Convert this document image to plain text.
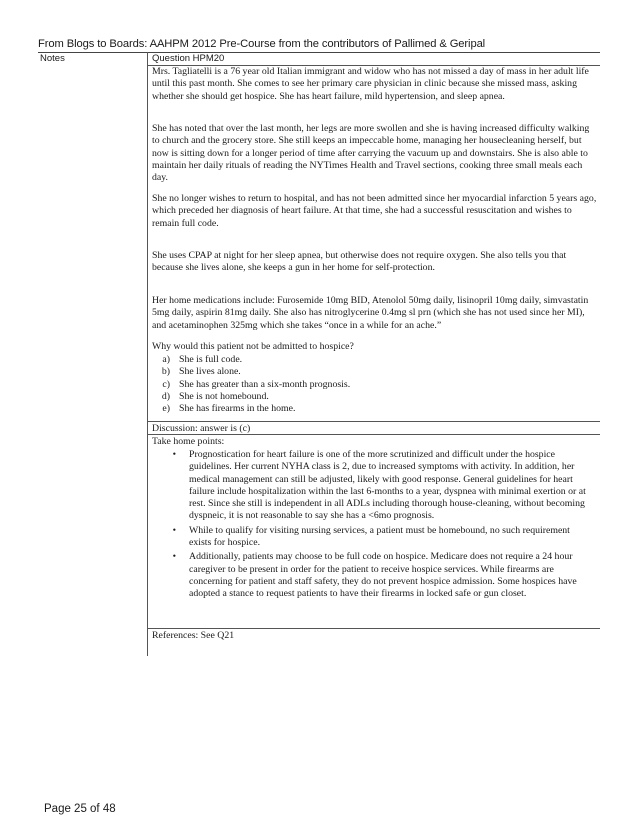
From Blogs to Boards: AAHPM 2012 Pre-Course from the contributors of Pallimed & Geripal
Notes	Question HPM20

Mrs. Tagliatelli is a 76 year old Italian immigrant and widow who has not missed a day of mass in her adult life until this past month. She comes to see her primary care physician in clinic because she missed mass, asking whether she should get hospice. She has heart failure, mild hypertension, and sleep apnea.

She has noted that over the last month, her legs are more swollen and she is having increased difficulty walking to church and the grocery store. She still keeps an impeccable home, managing her housecleaning herself, but now is sitting down for a longer period of time after carrying the vacuum up and downstairs. She is also able to maintain her daily rituals of reading the NYTimes Health and Travel sections, cooking three small meals each day.

She no longer wishes to return to hospital, and has not been admitted since her myocardial infarction 5 years ago, which preceded her diagnosis of heart failure. At that time, she had a successful resuscitation and wishes to remain full code.

She uses CPAP at night for her sleep apnea, but otherwise does not require oxygen. She also tells you that because she lives alone, she keeps a gun in her home for self-protection.

Her home medications include: Furosemide 10mg BID, Atenolol 50mg daily, lisinopril 10mg daily, simvastatin 5mg daily, aspirin 81mg daily. She also has nitroglycerine 0.4mg sl prn (which she has not used since her MI), and acetaminophen 325mg which she takes “once in a while for an ache.”

Why would this patient not be admitted to hospice?

a) She is full code.
b) She lives alone.
c) She has greater than a six-month prognosis.
d) She is not homebound.
e) She has firearms in the home.
Discussion: answer is (c)
Take home points:
•	Prognostication for heart failure is one of the more scrutinized and difficult under the hospice guidelines. Her current NYHA class is 2, due to increased symptoms with activity. In addition, her medical management can still be adjusted, likely with good response. General guidelines for heart failure include hospitalization within the last 6-months to a year, dyspnea with minimal exertion or at rest. Since she still is independent in all ADLs including thorough house-cleaning, without becoming dyspneic, it is not reasonable to say she has a <6mo prognosis.
•	While to qualify for visiting nursing services, a patient must be homebound, no such requirement exists for hospice.
•	Additionally, patients may choose to be full code on hospice. Medicare does not require a 24 hour caregiver to be present in order for the patient to receive hospice services. While firearms are concerning for patient and staff safety, they do not prevent hospice admission. Some hospices have adopted a stance to request patients to have their firearms in locked safe or gun closet.
References: See Q21
Page 25 of 48
